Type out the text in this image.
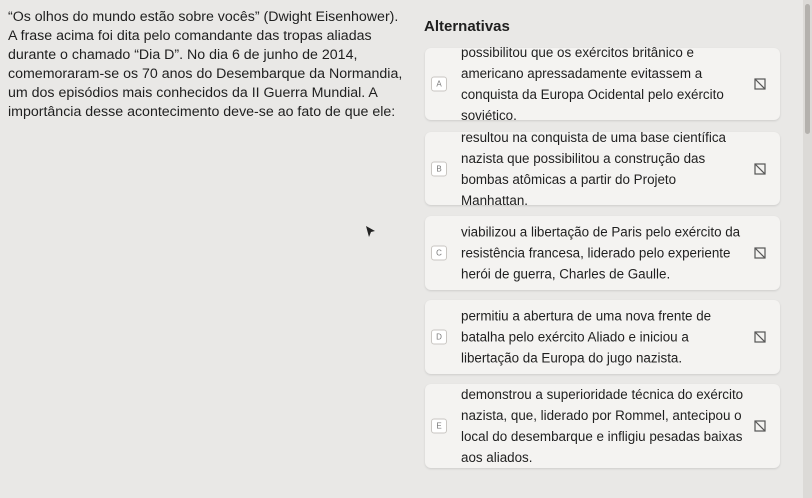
“Os olhos do mundo estão sobre vocês” (Dwight Eisenhower).

A frase acima foi dita pelo comandante das tropas aliadas durante o chamado “Dia D”. No dia 6 de junho de 2014, comemoraram-se os 70 anos do Desembarque da Normandia, um dos episódios mais conhecidos da II Guerra Mundial. A importância desse acontecimento deve-se ao fato de que ele:

Alternativas
A
possibilitou que os exércitos britânico e americano apressadamente evitassem a conquista da Europa Ocidental pelo exército soviético.
B
resultou na conquista de uma base científica nazista que possibilitou a construção das bombas atômicas a partir do Projeto Manhattan.
C
viabilizou a libertação de Paris pelo exército da resistência francesa, liderado pelo experiente herói de guerra, Charles de Gaulle.
D
permitiu a abertura de uma nova frente de batalha pelo exército Aliado e iniciou a libertação da Europa do jugo nazista.
E
demonstrou a superioridade técnica do exército nazista, que, liderado por Rommel, antecipou o local do desembarque e infligiu pesadas baixas aos aliados.
